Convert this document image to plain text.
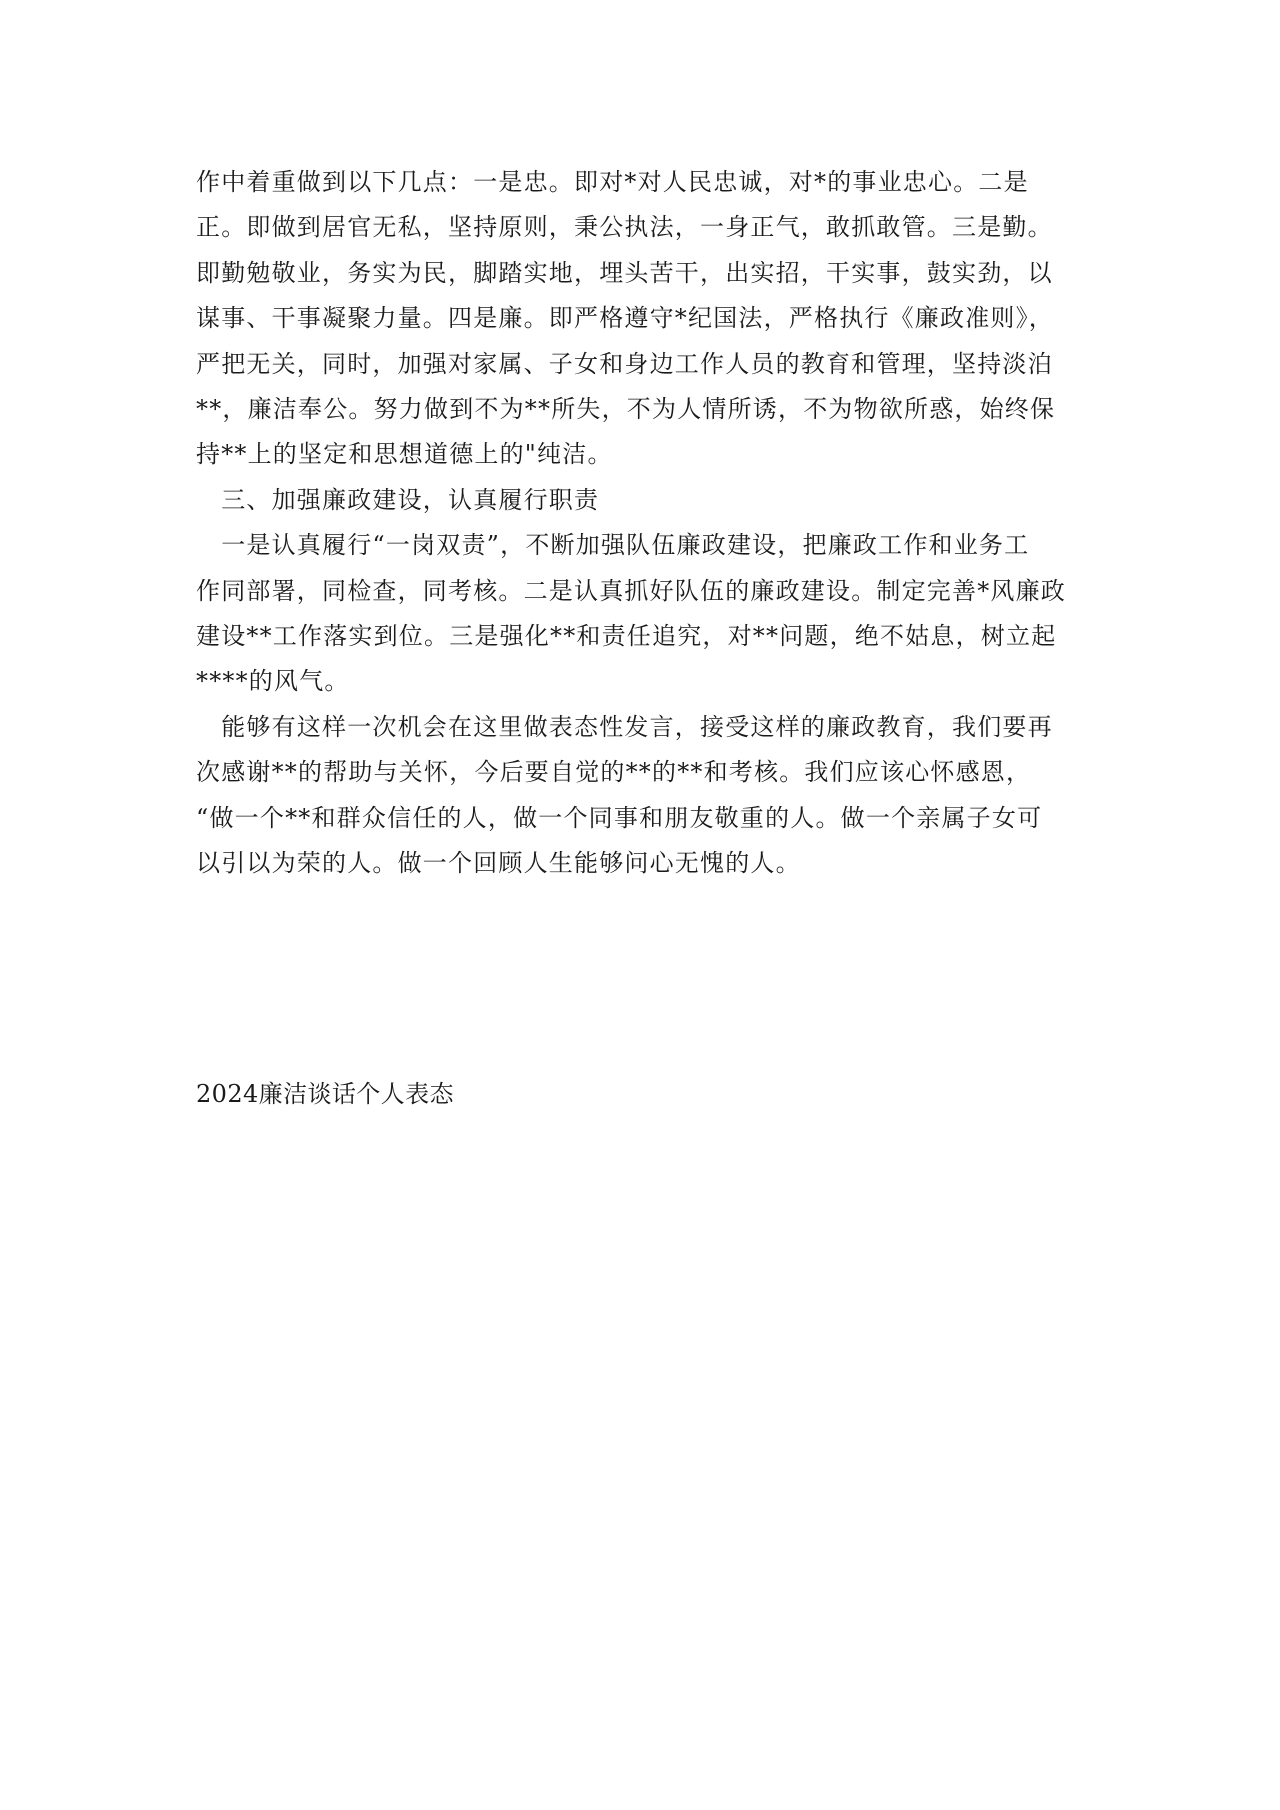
作中着重做到以下几点：一是忠。即对*对人民忠诚，对*的事业忠心。二是

正。即做到居官无私，坚持原则，秉公执法，一身正气，敢抓敢管。三是勤。

即勤勉敬业，务实为民，脚踏实地，埋头苦干，出实招，干实事，鼓实劲，以

谋事、干事凝聚力量。四是廉。即严格遵守*纪国法，严格执行《廉政准则》，

严把无关，同时，加强对家属、子女和身边工作人员的教育和管理，坚持淡泊

**，廉洁奉公。努力做到不为**所失，不为人情所诱，不为物欲所惑，始终保

持**上的坚定和思想道德上的"纯洁。

　三、加强廉政建设，认真履行职责

　一是认真履行“一岗双责”，不断加强队伍廉政建设，把廉政工作和业务工

作同部署，同检查，同考核。二是认真抓好队伍的廉政建设。制定完善*风廉政

建设**工作落实到位。三是强化**和责任追究，对**问题，绝不姑息，树立起

****的风气。

　能够有这样一次机会在这里做表态性发言，接受这样的廉政教育，我们要再

次感谢**的帮助与关怀，今后要自觉的**的**和考核。我们应该心怀感恩，

“做一个**和群众信任的人，做一个同事和朋友敬重的人。做一个亲属子女可

以引以为荣的人。做一个回顾人生能够问心无愧的人。

2024廉洁谈话个人表态
